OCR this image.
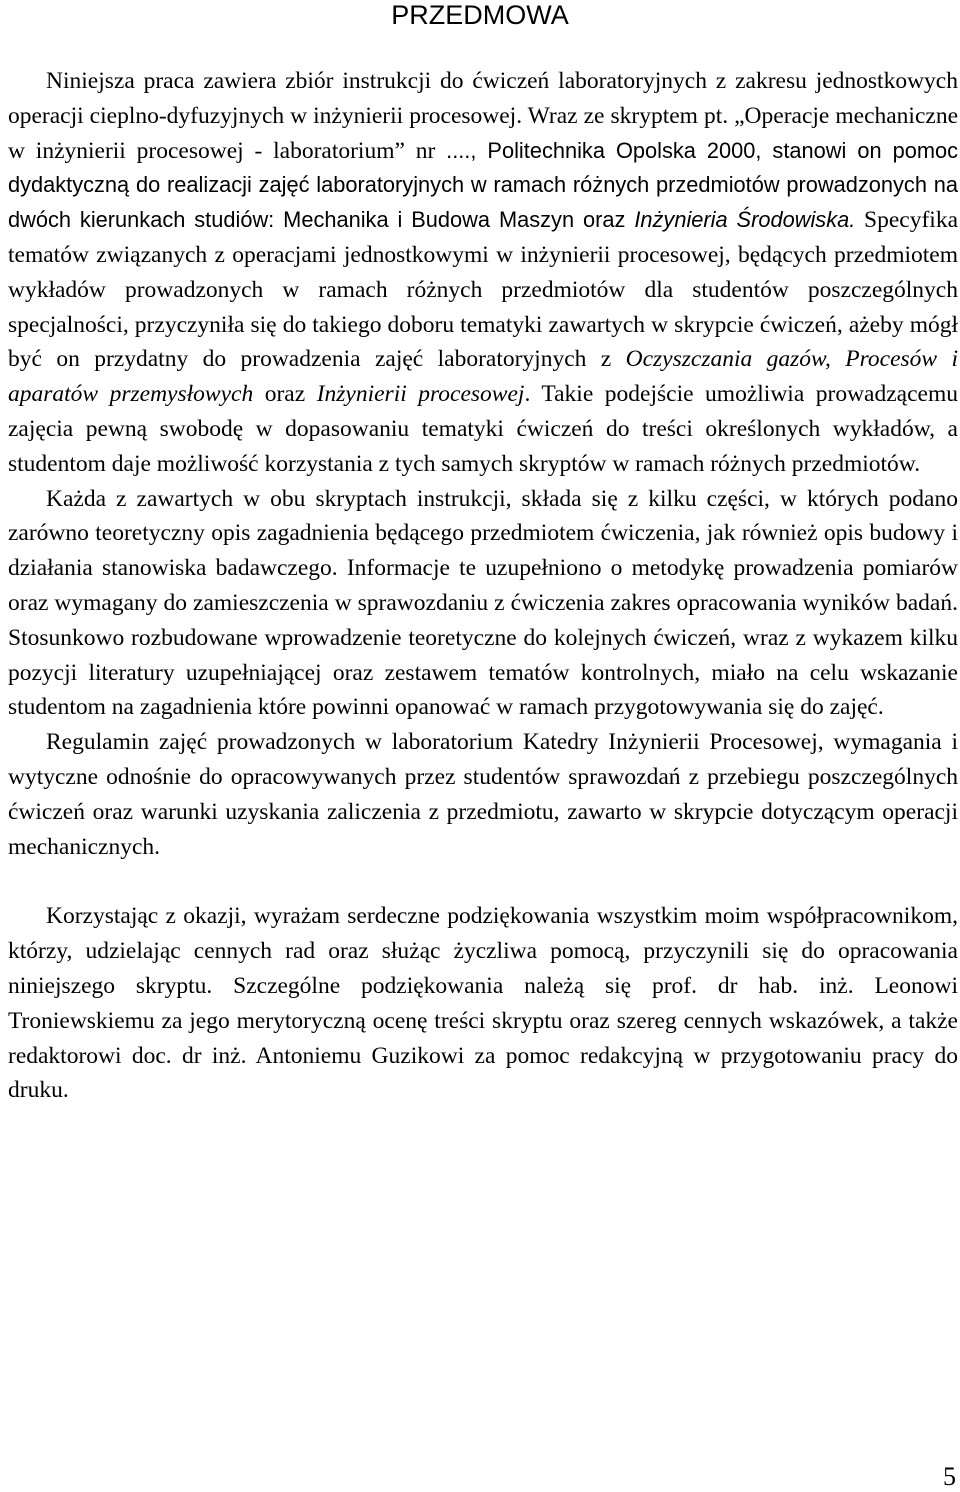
PRZEDMOWA

Niniejsza praca zawiera zbiór instrukcji do ćwiczeń laboratoryjnych z zakresu jednostkowych operacji cieplno-dyfuzyjnych w inżynierii procesowej. Wraz ze skryptem pt. „Operacje mechaniczne w inżynierii procesowej - laboratorium” nr ...., Politechnika Opolska 2000, stanowi on pomoc dydaktyczną do realizacji zajęć laboratoryjnych w ramach różnych przedmiotów prowadzonych na dwóch kierunkach studiów: Mechanika i Budowa Maszyn oraz Inżynieria Środowiska. Specyfika tematów związanych z operacjami jednostkowymi w inżynierii procesowej, będących przedmiotem wykładów prowadzonych w ramach różnych przedmiotów dla studentów poszczególnych specjalności, przyczyniła się do takiego doboru tematyki zawartych w skrypcie ćwiczeń, ażeby mógł być on przydatny do prowadzenia zajęć laboratoryjnych z Oczyszczania gazów, Procesów i aparatów przemysłowych oraz Inżynierii procesowej. Takie podejście umożliwia prowadzącemu zajęcia pewną swobodę w dopasowaniu tematyki ćwiczeń do treści określonych wykładów, a studentom daje możliwość korzystania z tych samych skryptów w ramach różnych przedmiotów.

Każda z zawartych w obu skryptach instrukcji, składa się z kilku części, w których podano zarówno teoretyczny opis zagadnienia będącego przedmiotem ćwiczenia, jak również opis budowy i działania stanowiska badawczego. Informacje te uzupełniono o metodykę prowadzenia pomiarów oraz wymagany do zamieszczenia w sprawozdaniu z ćwiczenia zakres opracowania wyników badań. Stosunkowo rozbudowane wprowadzenie teoretyczne do kolejnych ćwiczeń, wraz z wykazem kilku pozycji literatury uzupełniającej oraz zestawem tematów kontrolnych, miało na celu wskazanie studentom na zagadnienia które powinni opanować w ramach przygotowywania się do zajęć.

Regulamin zajęć prowadzonych w laboratorium Katedry Inżynierii Procesowej, wymagania i wytyczne odnośnie do opracowywanych przez studentów sprawozdań z przebiegu poszczególnych ćwiczeń oraz warunki uzyskania zaliczenia z przedmiotu, zawarto w skrypcie dotyczącym operacji mechanicznych.

Korzystając z okazji, wyrażam serdeczne podziękowania wszystkim moim współpracownikom, którzy, udzielając cennych rad oraz służąc życzliwa pomocą, przyczynili się do opracowania niniejszego skryptu. Szczególne podziękowania należą się prof. dr hab. inż. Leonowi Troniewskiemu za jego merytoryczną ocenę treści skryptu oraz szereg cennych wskazówek, a także redaktorowi doc. dr inż. Antoniemu Guzikowi za pomoc redakcyjną w przygotowaniu pracy do druku.

5
